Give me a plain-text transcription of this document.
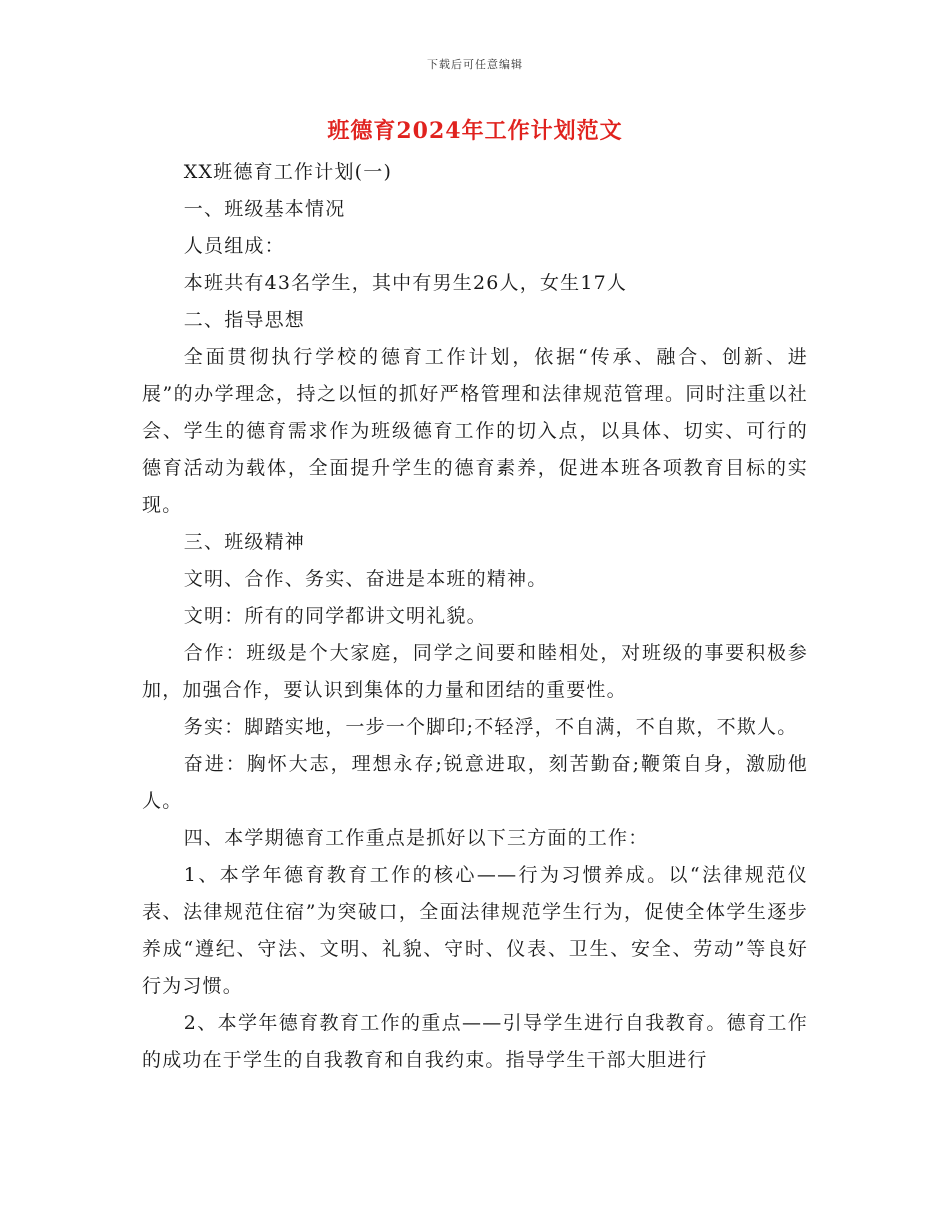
下载后可任意编辑
班德育2024年工作计划范文

XX班德育工作计划(一)

一、班级基本情况

人员组成：

本班共有43名学生，其中有男生26人，女生17人

二、指导思想

全面贯彻执行学校的德育工作计划，依据“传承、融合、创新、进展”的办学理念，持之以恒的抓好严格管理和法律规范管理。同时注重以社会、学生的德育需求作为班级德育工作的切入点，以具体、切实、可行的德育活动为载体，全面提升学生的德育素养，促进本班各项教育目标的实现。

三、班级精神

文明、合作、务实、奋进是本班的精神。

文明：所有的同学都讲文明礼貌。

合作：班级是个大家庭，同学之间要和睦相处，对班级的事要积极参加，加强合作，要认识到集体的力量和团结的重要性。

务实：脚踏实地，一步一个脚印;不轻浮，不自满，不自欺，不欺人。

奋进：胸怀大志，理想永存;锐意进取，刻苦勤奋;鞭策自身，激励他人。

四、本学期德育工作重点是抓好以下三方面的工作：

1、本学年德育教育工作的核心——行为习惯养成。以“法律规范仪表、法律规范住宿”为突破口，全面法律规范学生行为，促使全体学生逐步养成“遵纪、守法、文明、礼貌、守时、仪表、卫生、安全、劳动”等良好行为习惯。

2、本学年德育教育工作的重点——引导学生进行自我教育。德育工作的成功在于学生的自我教育和自我约束。指导学生干部大胆进行
